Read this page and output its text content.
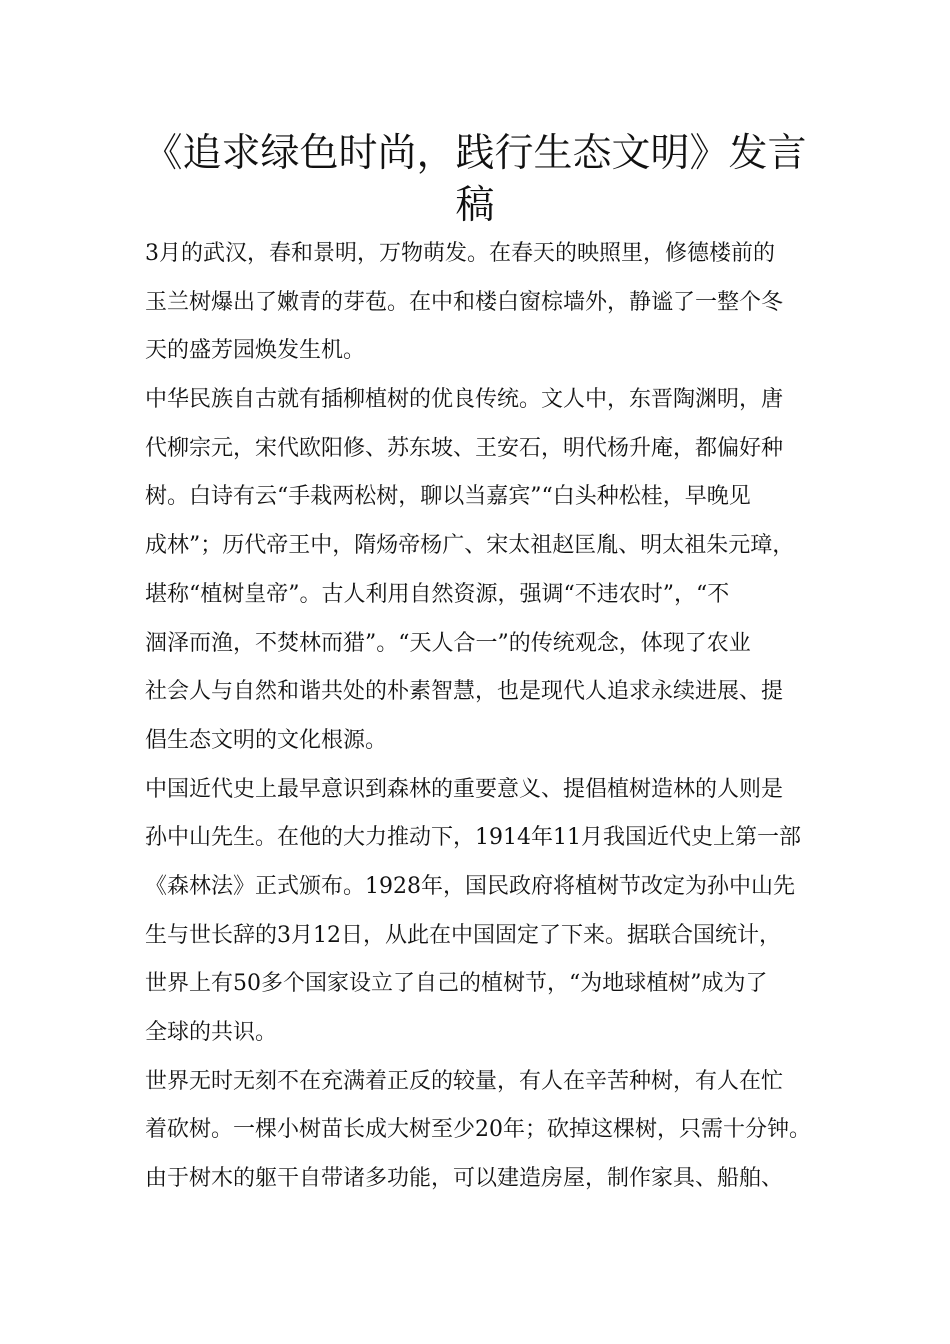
《追求绿色时尚，践行生态文明》发言稿
3月的武汉，春和景明，万物萌发。在春天的映照里，修德楼前的
玉兰树爆出了嫩青的芽苞。在中和楼白窗棕墙外，静谧了一整个冬
天的盛芳园焕发生机。
中华民族自古就有插柳植树的优良传统。文人中，东晋陶渊明，唐
代柳宗元，宋代欧阳修、苏东坡、王安石，明代杨升庵，都偏好种
树。白诗有云“手栽两松树，聊以当嘉宾”“白头种松桂，早晚见
成林”；历代帝王中，隋炀帝杨广、宋太祖赵匡胤、明太祖朱元璋，
堪称“植树皇帝”。古人利用自然资源，强调“不违农时”，“不
涸泽而渔，不焚林而猎”。“天人合一”的传统观念，体现了农业
社会人与自然和谐共处的朴素智慧，也是现代人追求永续进展、提
倡生态文明的文化根源。
中国近代史上最早意识到森林的重要意义、提倡植树造林的人则是
孙中山先生。在他的大力推动下，1914年11月我国近代史上第一部
《森林法》正式颁布。1928年，国民政府将植树节改定为孙中山先
生与世长辞的3月12日，从此在中国固定了下来。据联合国统计，
世界上有50多个国家设立了自己的植树节，“为地球植树”成为了
全球的共识。
世界无时无刻不在充满着正反的较量，有人在辛苦种树，有人在忙
着砍树。一棵小树苗长成大树至少20年；砍掉这棵树，只需十分钟。
由于树木的躯干自带诸多功能，可以建造房屋，制作家具、船舶、
